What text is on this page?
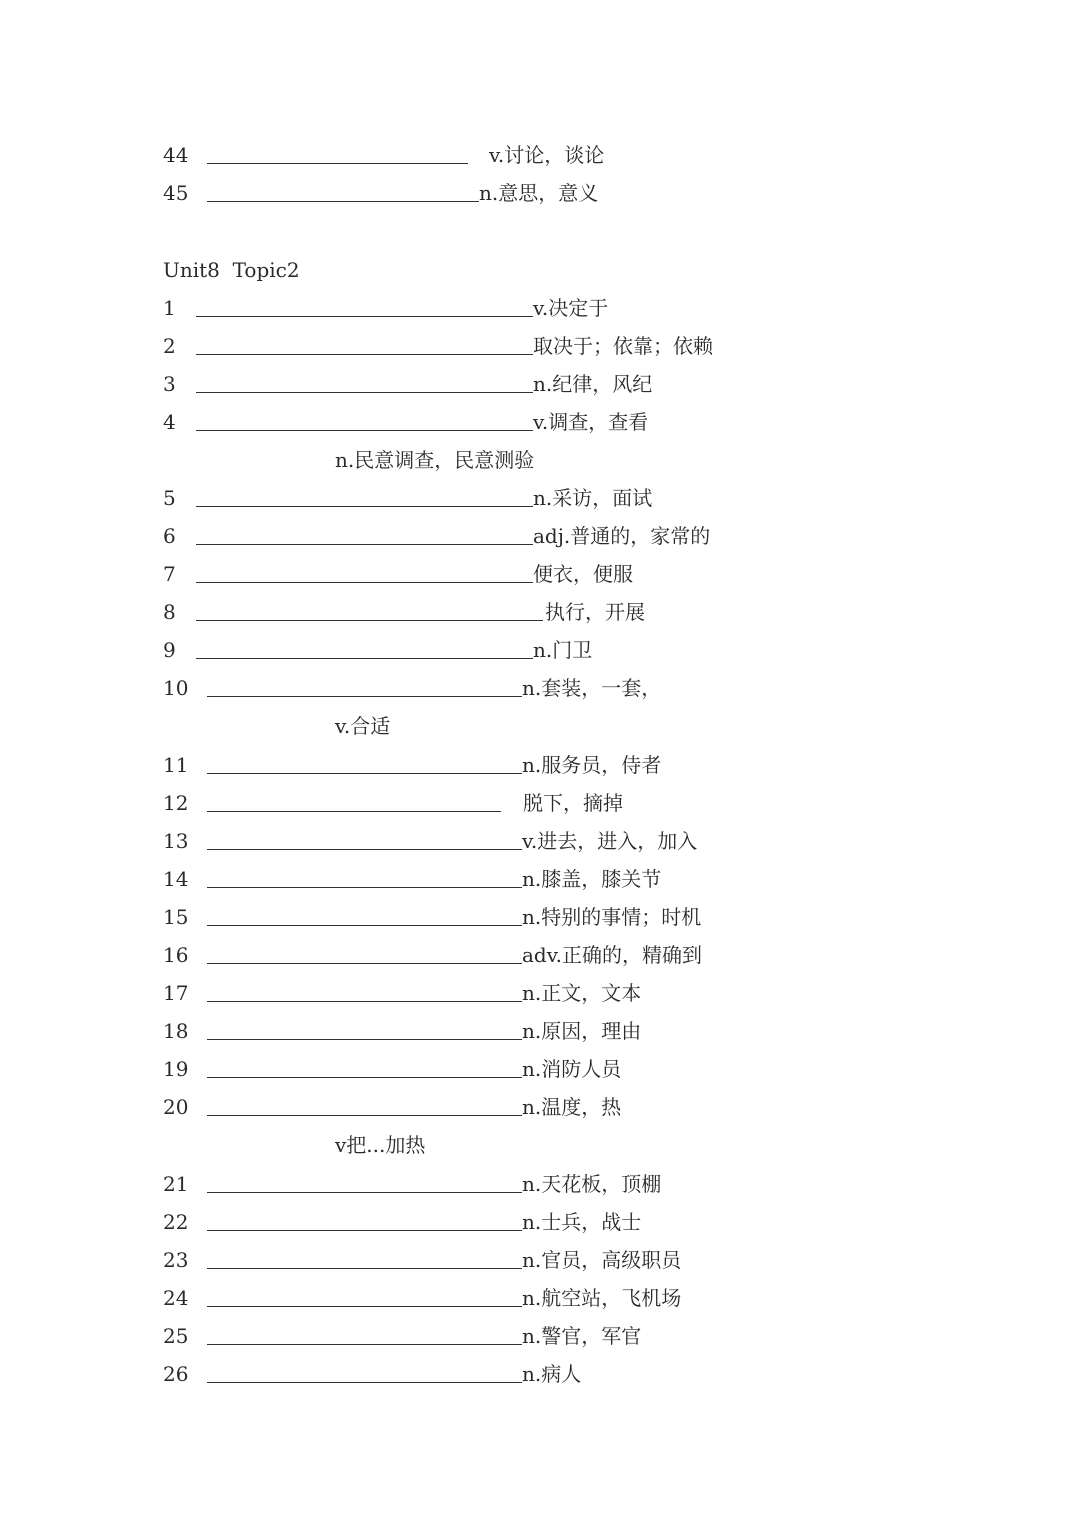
44	v.讨论，谈论
45	n.意思，意义
Unit8  Topic2
1	v.决定于
2	取决于；依靠；依赖
3	n.纪律，风纪
4	v.调查，查看
n.民意调查，民意测验
5	n.采访，面试
6	adj.普通的，家常的
7	便衣，便服
8	执行，开展
9	n.门卫
10	n.套装，一套，
v.合适
11	n.服务员，侍者
12	脱下，摘掉
13	v.进去，进入，加入
14	n.膝盖，膝关节
15	n.特别的事情；时机
16	adv.正确的，精确到
17	n.正文，文本
18	n.原因，理由
19	n.消防人员
20	n.温度，热
v把...加热
21	n.天花板，顶棚
22	n.士兵，战士
23	n.官员，高级职员
24	n.航空站，飞机场
25	n.警官，军官
26	n.病人
